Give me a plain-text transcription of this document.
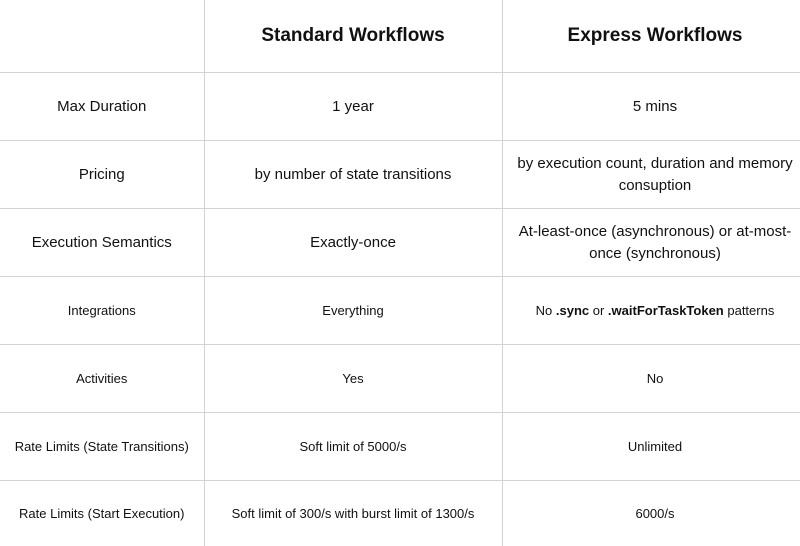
	Standard Workflows	Express Workflows
Max Duration	1 year	5 mins
Pricing	by number of state transitions	by execution count, duration and memory consuption
Execution Semantics	Exactly-once	At-least-once (asynchronous) or at-most-once (synchronous)
Integrations	Everything	No .sync or .waitForTaskToken patterns
Activities	Yes	No
Rate Limits (State Transitions)	Soft limit of 5000/s	Unlimited
Rate Limits (Start Execution)	Soft limit of 300/s with burst limit of 1300/s	6000/s
